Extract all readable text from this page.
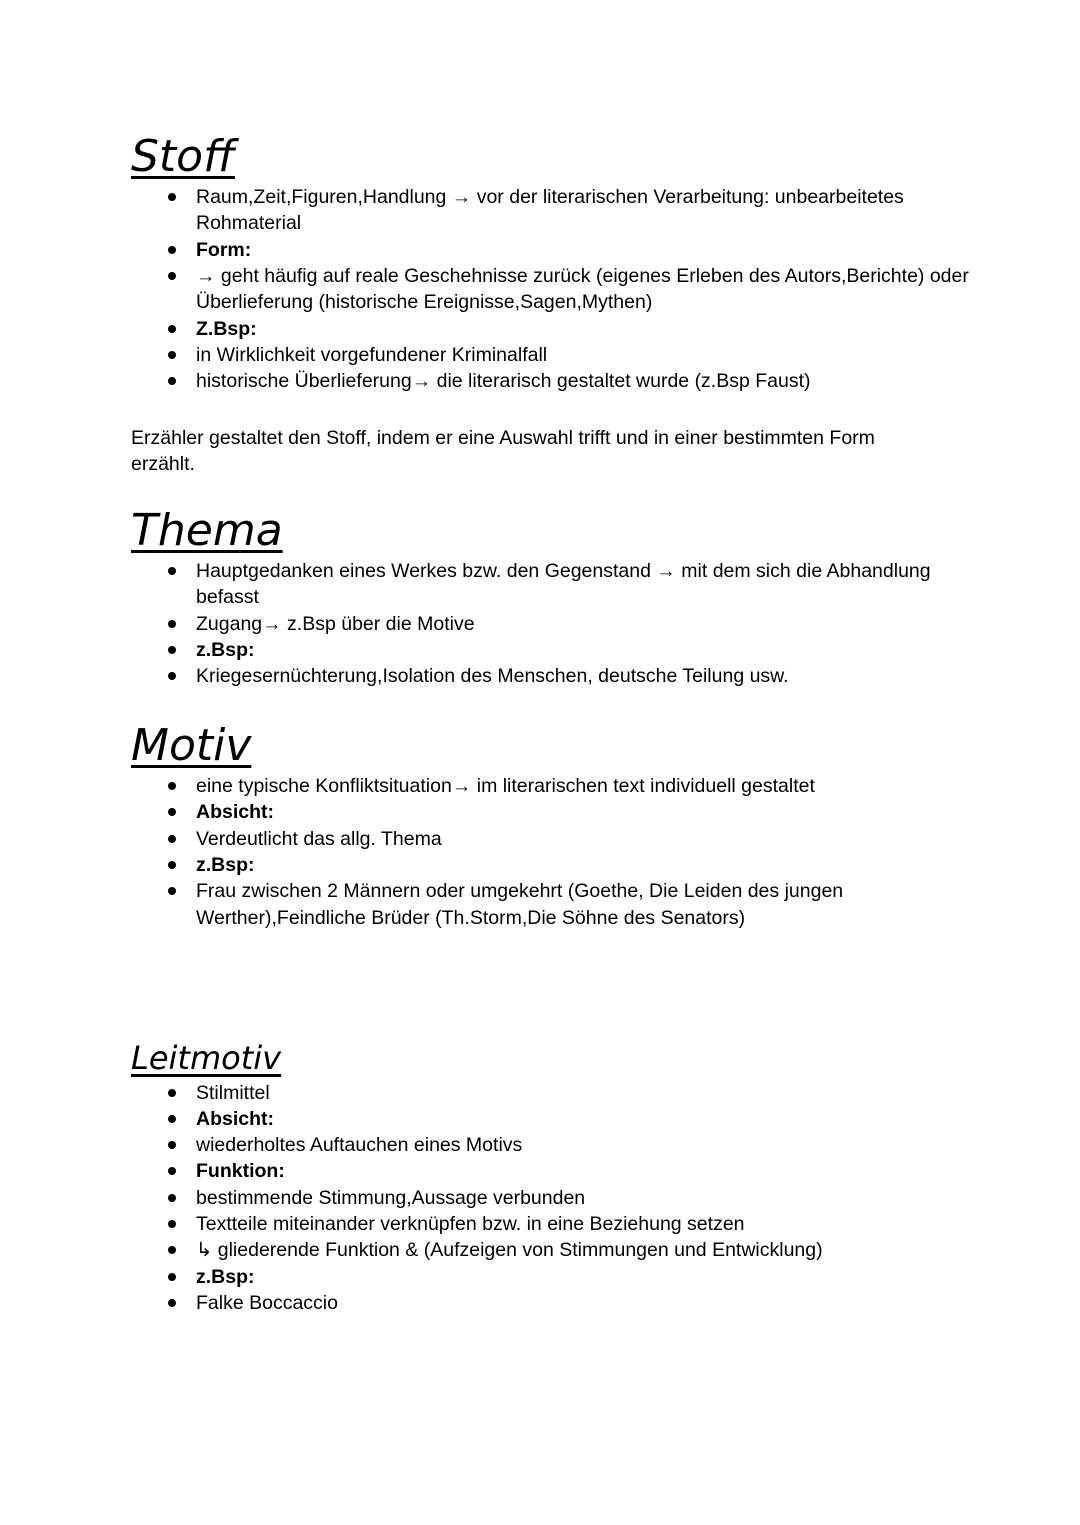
Stoff
Raum,Zeit,Figuren,Handlung → vor der literarischen Verarbeitung: unbearbeitetes Rohmaterial
Form:
→ geht häufig auf reale Geschehnisse zurück (eigenes Erleben des Autors,Berichte) oder Überlieferung (historische Ereignisse,Sagen,Mythen)
Z.Bsp:
in Wirklichkeit vorgefundener Kriminalfall
historische Überlieferung→ die literarisch gestaltet wurde (z.Bsp Faust)

Erzähler gestaltet den Stoff, indem er eine Auswahl trifft und in einer bestimmten Form erzählt.

Thema
Hauptgedanken eines Werkes bzw. den Gegenstand → mit dem sich die Abhandlung befasst
Zugang→ z.Bsp über die Motive
z.Bsp:
Kriegesernüchterung,Isolation des Menschen, deutsche Teilung usw.
Motiv
eine typische Konfliktsituation→ im literarischen text individuell gestaltet
Absicht:
Verdeutlicht das allg. Thema
z.Bsp:
Frau zwischen 2 Männern oder umgekehrt (Goethe, Die Leiden des jungen Werther),Feindliche Brüder (Th.Storm,Die Söhne des Senators)
Leitmotiv
Stilmittel
Absicht:
wiederholtes Auftauchen eines Motivs
Funktion:
bestimmende Stimmung,Aussage verbunden
Textteile miteinander verknüpfen bzw. in eine Beziehung setzen
↳ gliederende Funktion & (Aufzeigen von Stimmungen und Entwicklung)
z.Bsp:
Falke Boccaccio
